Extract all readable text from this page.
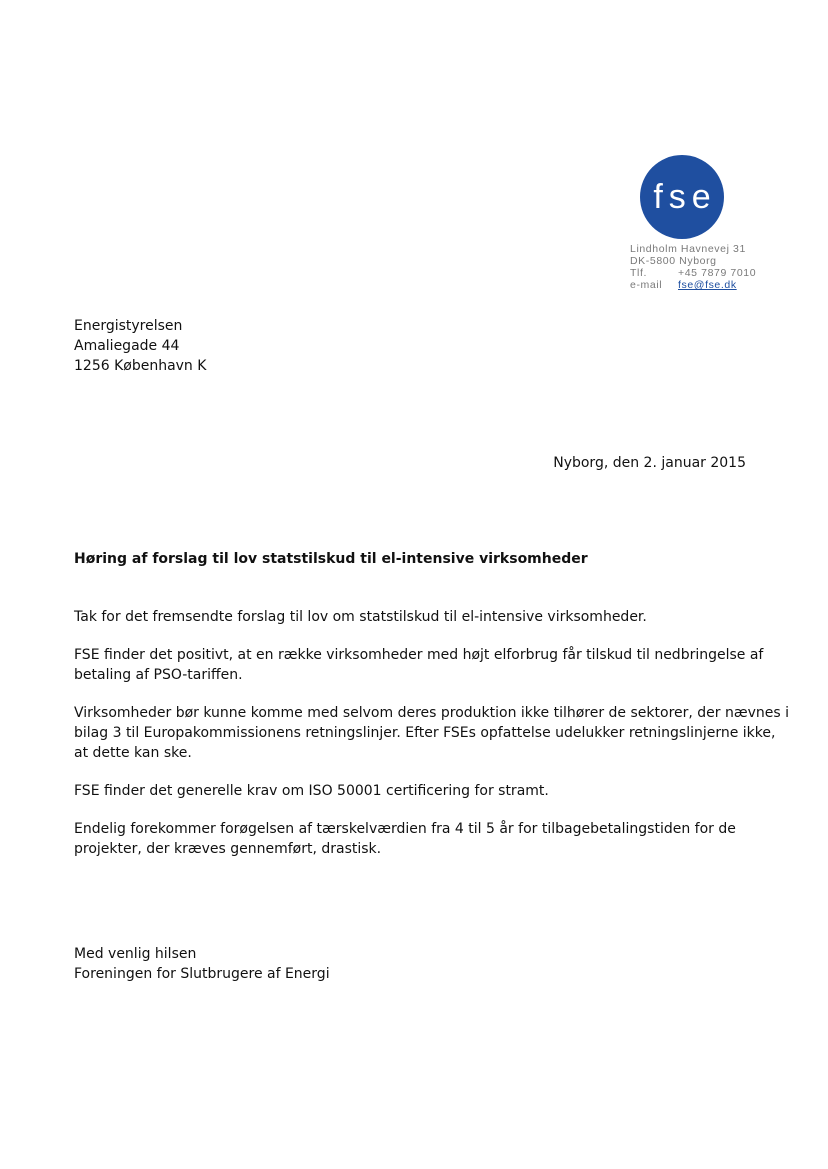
fse
Lindholm Havnevej 31
DK-5800 Nyborg
Tlf.	+45 7879 7010
e-mail	fse@fse.dk
Energistyrelsen
Amaliegade 44
1256 København K
Nyborg, den 2. januar 2015
Høring af forslag til lov statstilskud til el-intensive virksomheder

Tak for det fremsendte forslag til lov om statstilskud til el-intensive virksomheder.

FSE finder det positivt, at en række virksomheder med højt elforbrug får tilskud til nedbringelse af
betaling af PSO-tariffen.

Virksomheder bør kunne komme med selvom deres produktion ikke tilhører de sektorer, der nævnes i
bilag 3 til Europakommissionens retningslinjer. Efter FSEs opfattelse udelukker retningslinjerne ikke,
at dette kan ske.

FSE finder det generelle krav om ISO 50001 certificering for stramt.

Endelig forekommer forøgelsen af tærskelværdien fra 4 til 5 år for tilbagebetalingstiden for de
projekter, der kræves gennemført, drastisk.

Med venlig hilsen
Foreningen for Slutbrugere af Energi
